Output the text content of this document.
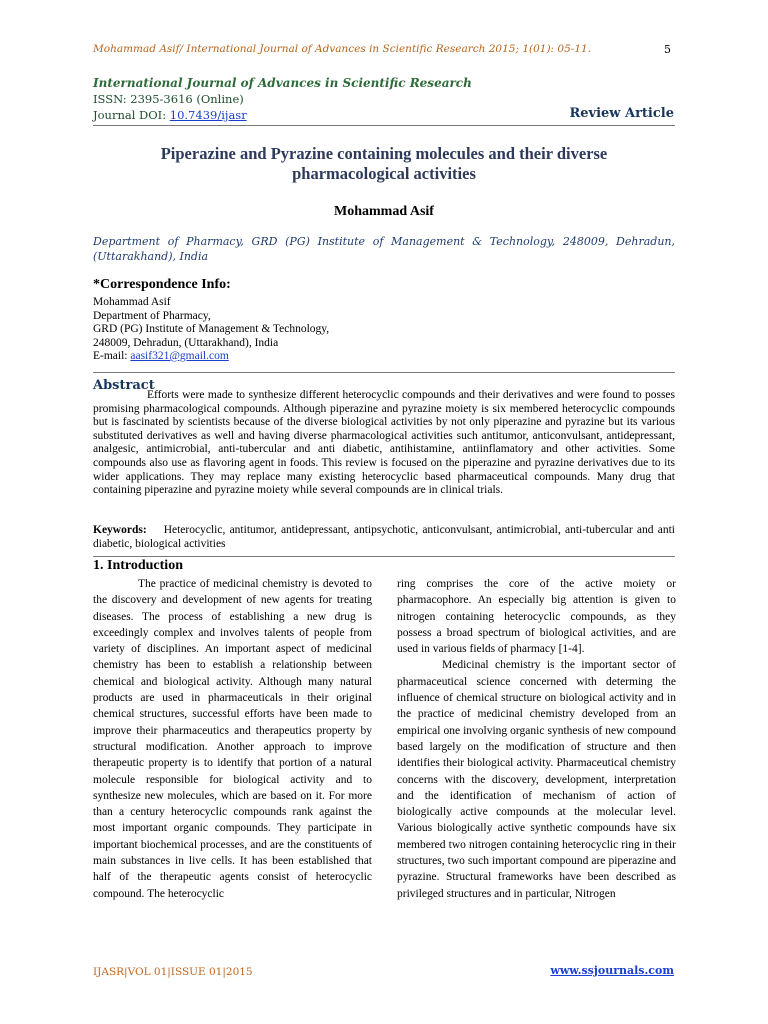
Mohammad Asif/ International Journal of Advances in Scientific Research 2015; 1(01): 05-11.	5
International Journal of Advances in Scientific Research
ISSN: 2395-3616 (Online)
Journal DOI: 10.7439/ijasr	Review Article
Piperazine and Pyrazine containing molecules and their diverse
pharmacological activities
Mohammad Asif
Department of Pharmacy, GRD (PG) Institute of Management & Technology, 248009, Dehradun, (Uttarakhand), India
*Correspondence Info:
Mohammad Asif
Department of Pharmacy,
GRD (PG) Institute of Management & Technology,
248009, Dehradun, (Uttarakhand), India
E-mail: aasif321@gmail.com
Abstract
Efforts were made to synthesize different heterocyclic compounds and their derivatives and were found to posses promising pharmacological compounds. Although piperazine and pyrazine moiety is six membered heterocyclic compounds but is fascinated by scientists because of the diverse biological activities by not only piperazine and pyrazine but its various substituted derivatives as well and having diverse pharmacological activities such antitumor, anticonvulsant, antidepressant, analgesic, antimicrobial, anti-tubercular and anti diabetic, antihistamine, antiinflamatory and other activities. Some compounds also use as flavoring agent in foods. This review is focused on the piperazine and pyrazine derivatives due to its wider applications. They may replace many existing heterocyclic based pharmaceutical compounds. Many drug that containing piperazine and pyrazine moiety while several compounds are in clinical trials.
Keywords: Heterocyclic, antitumor, antidepressant, antipsychotic, anticonvulsant, antimicrobial, anti-tubercular and anti diabetic, biological activities
1. Introduction

The practice of medicinal chemistry is devoted to the discovery and development of new agents for treating diseases. The process of establishing a new drug is exceedingly complex and involves talents of people from variety of disciplines. An important aspect of medicinal chemistry has been to establish a relationship between chemical and biological activity. Although many natural products are used in pharmaceuticals in their original chemical structures, successful efforts have been made to improve their pharmaceutics and therapeutics property by structural modification. Another approach to improve therapeutic property is to identify that portion of a natural molecule responsible for biological activity and to synthesize new molecules, which are based on it. For more than a century heterocyclic compounds rank against the most important organic compounds. They participate in important biochemical processes, and are the constituents of main substances in live cells. It has been established that half of the therapeutic agents consist of heterocyclic compound. The heterocyclic

ring comprises the core of the active moiety or pharmacophore. An especially big attention is given to nitrogen containing heterocyclic compounds, as they possess a broad spectrum of biological activities, and are used in various fields of pharmacy [1-4].

Medicinal chemistry is the important sector of pharmaceutical science concerned with determing the influence of chemical structure on biological activity and in the practice of medicinal chemistry developed from an empirical one involving organic synthesis of new compound based largely on the modification of structure and then identifies their biological activity. Pharmaceutical chemistry concerns with the discovery, development, interpretation and the identification of mechanism of action of biologically active compounds at the molecular level. Various biologically active synthetic compounds have six membered two nitrogen containing heterocyclic ring in their structures, two such important compound are piperazine and pyrazine. Structural frameworks have been described as privileged structures and in particular, Nitrogen

IJASR|VOL 01|ISSUE 01|2015	www.ssjournals.com
